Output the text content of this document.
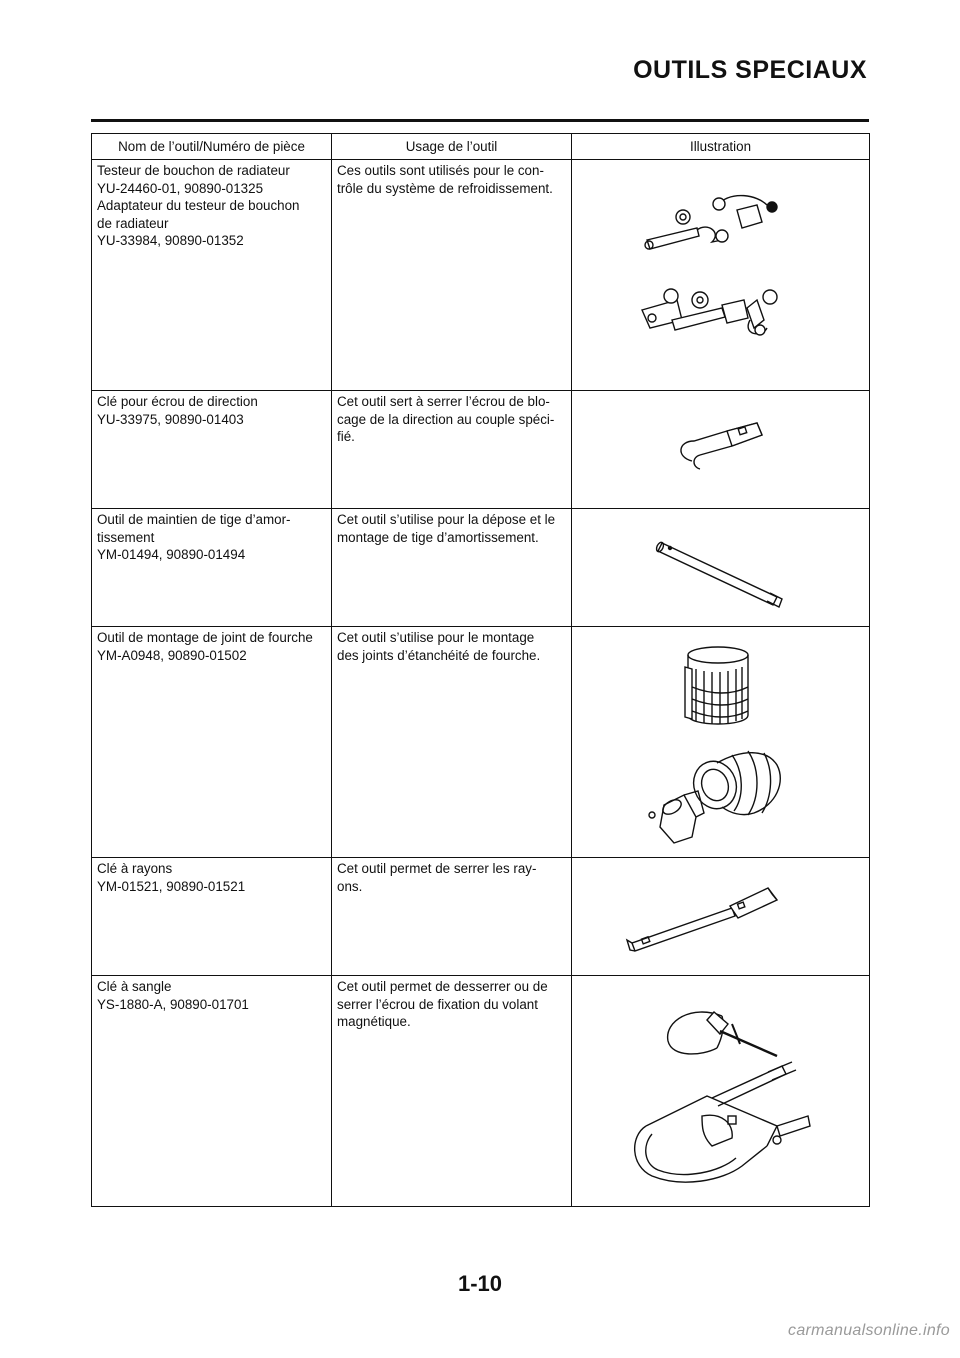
OUTILS SPECIAUX
Nom de l’outil/Numéro de pièce	Usage de l’outil	Illustration

Testeur de bouchon de radiateur
YU-24460-01, 90890-01325
Adaptateur du testeur de bouchon
de radiateur
YU-33984, 90890-01352	Ces outils sont utilisés pour le con-
trôle du système de refroidissement.

Clé pour écrou de direction
YU-33975, 90890-01403	Cet outil sert à serrer l’écrou de blo-
cage de la direction au couple spéci-
fié.

Outil de maintien de tige d’amor-
tissement
YM-01494, 90890-01494	Cet outil s’utilise pour la dépose et le
montage de tige d’amortissement.

Outil de montage de joint de fourche
YM-A0948, 90890-01502	Cet outil s’utilise pour le montage
des joints d’étanchéité de fourche.

Clé à rayons
YM-01521, 90890-01521	Cet outil permet de serrer les ray-
ons.

Clé à sangle
YS-1880-A, 90890-01701	Cet outil permet de desserrer ou de
serrer l’écrou de fixation du volant
magnétique.

1-10
carmanualsonline.info
